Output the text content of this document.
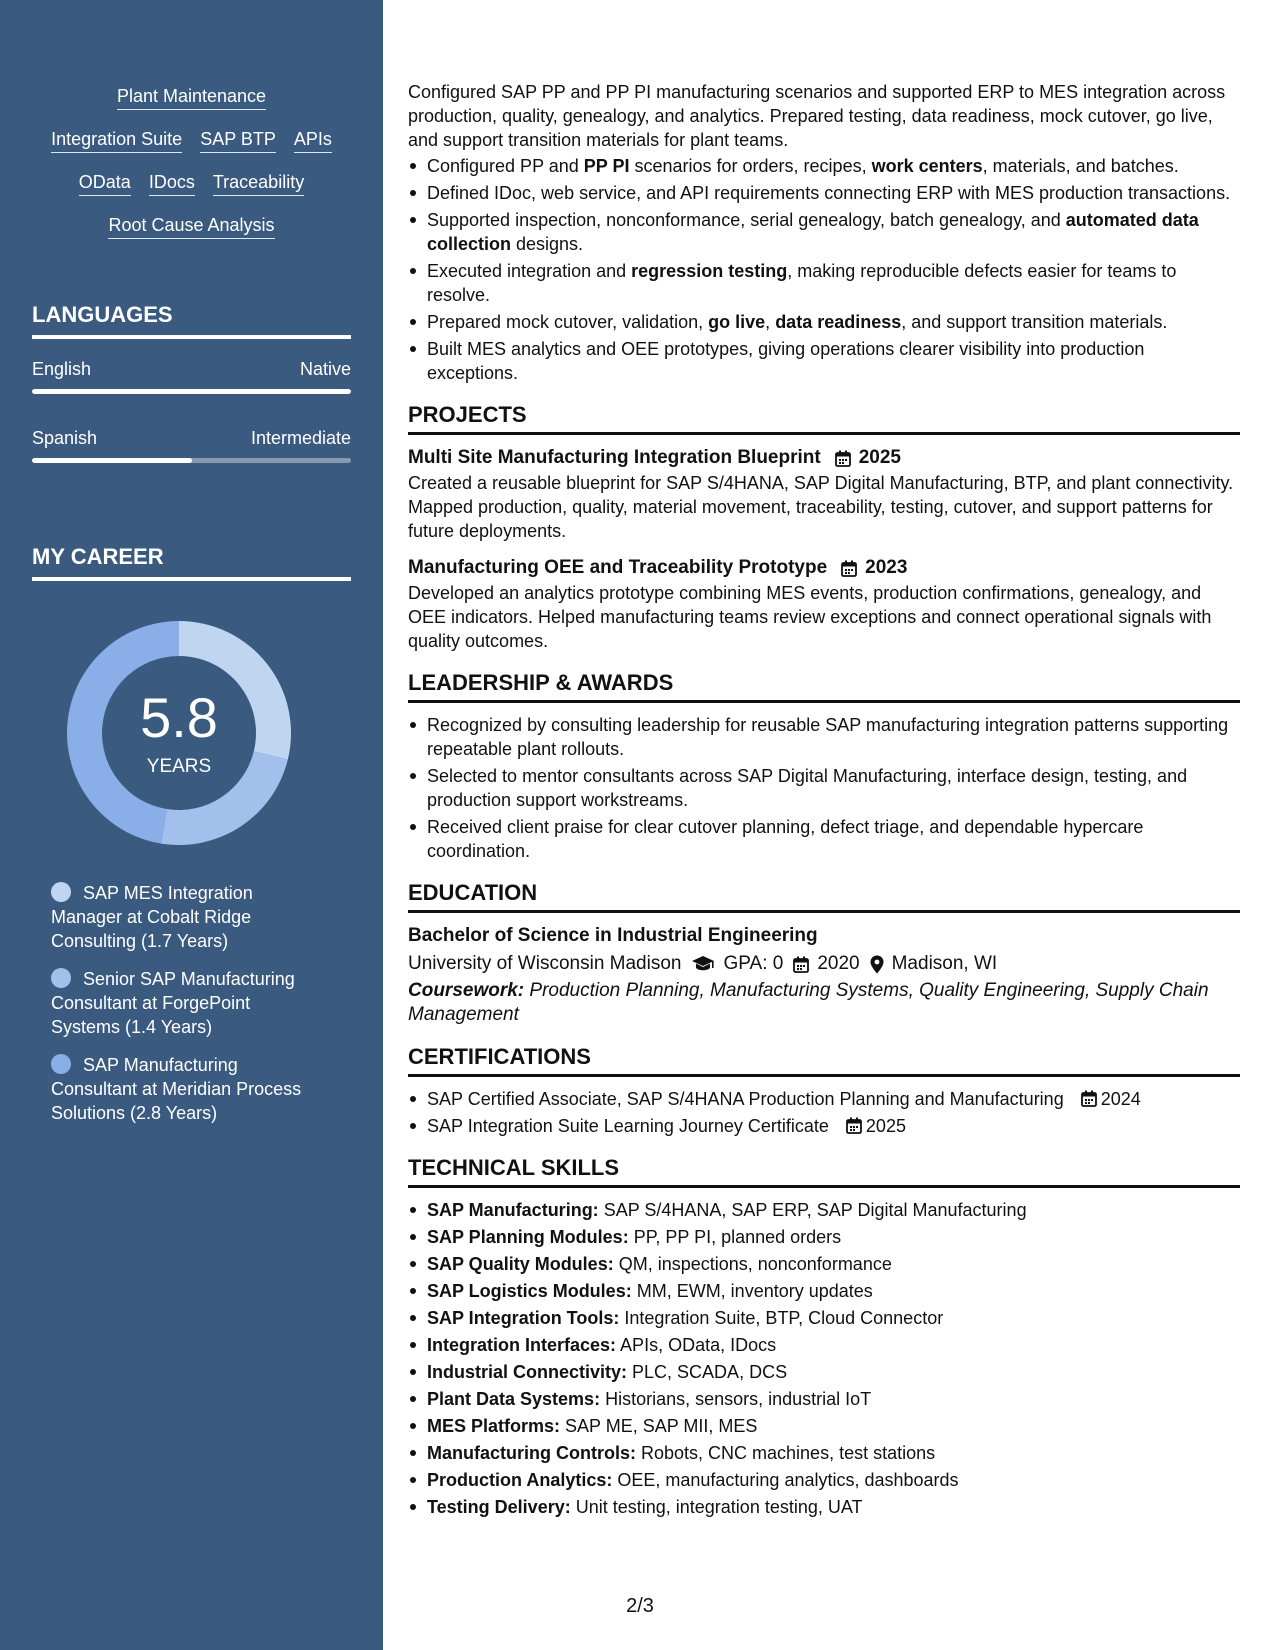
Plant Maintenance
Integration Suite SAP BTP APIs
OData IDocs Traceability
Root Cause Analysis
LANGUAGES
English	Native
Spanish	Intermediate
MY CAREER
5.8
YEARS
SAP MES Integration Manager at Cobalt Ridge Consulting (1.7 Years)
Senior SAP Manufacturing Consultant at ForgePoint Systems (1.4 Years)
SAP Manufacturing Consultant at Meridian Process Solutions (2.8 Years)

Configured SAP PP and PP PI manufacturing scenarios and supported ERP to MES integration across production, quality, genealogy, and analytics. Prepared testing, data readiness, mock cutover, go live, and support transition materials for plant teams.

Configured PP and PP PI scenarios for orders, recipes, work centers, materials, and batches.
Defined IDoc, web service, and API requirements connecting ERP with MES production transactions.
Supported inspection, nonconformance, serial genealogy, batch genealogy, and automated data collection designs.
Executed integration and regression testing, making reproducible defects easier for teams to resolve.
Prepared mock cutover, validation, go live, data readiness, and support transition materials.
Built MES analytics and OEE prototypes, giving operations clearer visibility into production exceptions.
PROJECTS
Multi Site Manufacturing Integration Blueprint 2025

Created a reusable blueprint for SAP S/4HANA, SAP Digital Manufacturing, BTP, and plant connectivity. Mapped production, quality, material movement, traceability, testing, cutover, and support patterns for future deployments.

Manufacturing OEE and Traceability Prototype 2023

Developed an analytics prototype combining MES events, production confirmations, genealogy, and OEE indicators. Helped manufacturing teams review exceptions and connect operational signals with quality outcomes.

LEADERSHIP & AWARDS
Recognized by consulting leadership for reusable SAP manufacturing integration patterns supporting repeatable plant rollouts.
Selected to mentor consultants across SAP Digital Manufacturing, interface design, testing, and production support workstreams.
Received client praise for clear cutover planning, defect triage, and dependable hypercare coordination.
EDUCATION
Bachelor of Science in Industrial Engineering
University of Wisconsin Madison GPA: 0 2020 Madison, WI
Coursework: Production Planning, Manufacturing Systems, Quality Engineering, Supply Chain Management
CERTIFICATIONS
SAP Certified Associate, SAP S/4HANA Production Planning and Manufacturing 2024
SAP Integration Suite Learning Journey Certificate 2025
TECHNICAL SKILLS
SAP Manufacturing: SAP S/4HANA, SAP ERP, SAP Digital Manufacturing
SAP Planning Modules: PP, PP PI, planned orders
SAP Quality Modules: QM, inspections, nonconformance
SAP Logistics Modules: MM, EWM, inventory updates
SAP Integration Tools: Integration Suite, BTP, Cloud Connector
Integration Interfaces: APIs, OData, IDocs
Industrial Connectivity: PLC, SCADA, DCS
Plant Data Systems: Historians, sensors, industrial IoT
MES Platforms: SAP ME, SAP MII, MES
Manufacturing Controls: Robots, CNC machines, test stations
Production Analytics: OEE, manufacturing analytics, dashboards
Testing Delivery: Unit testing, integration testing, UAT
2/3
